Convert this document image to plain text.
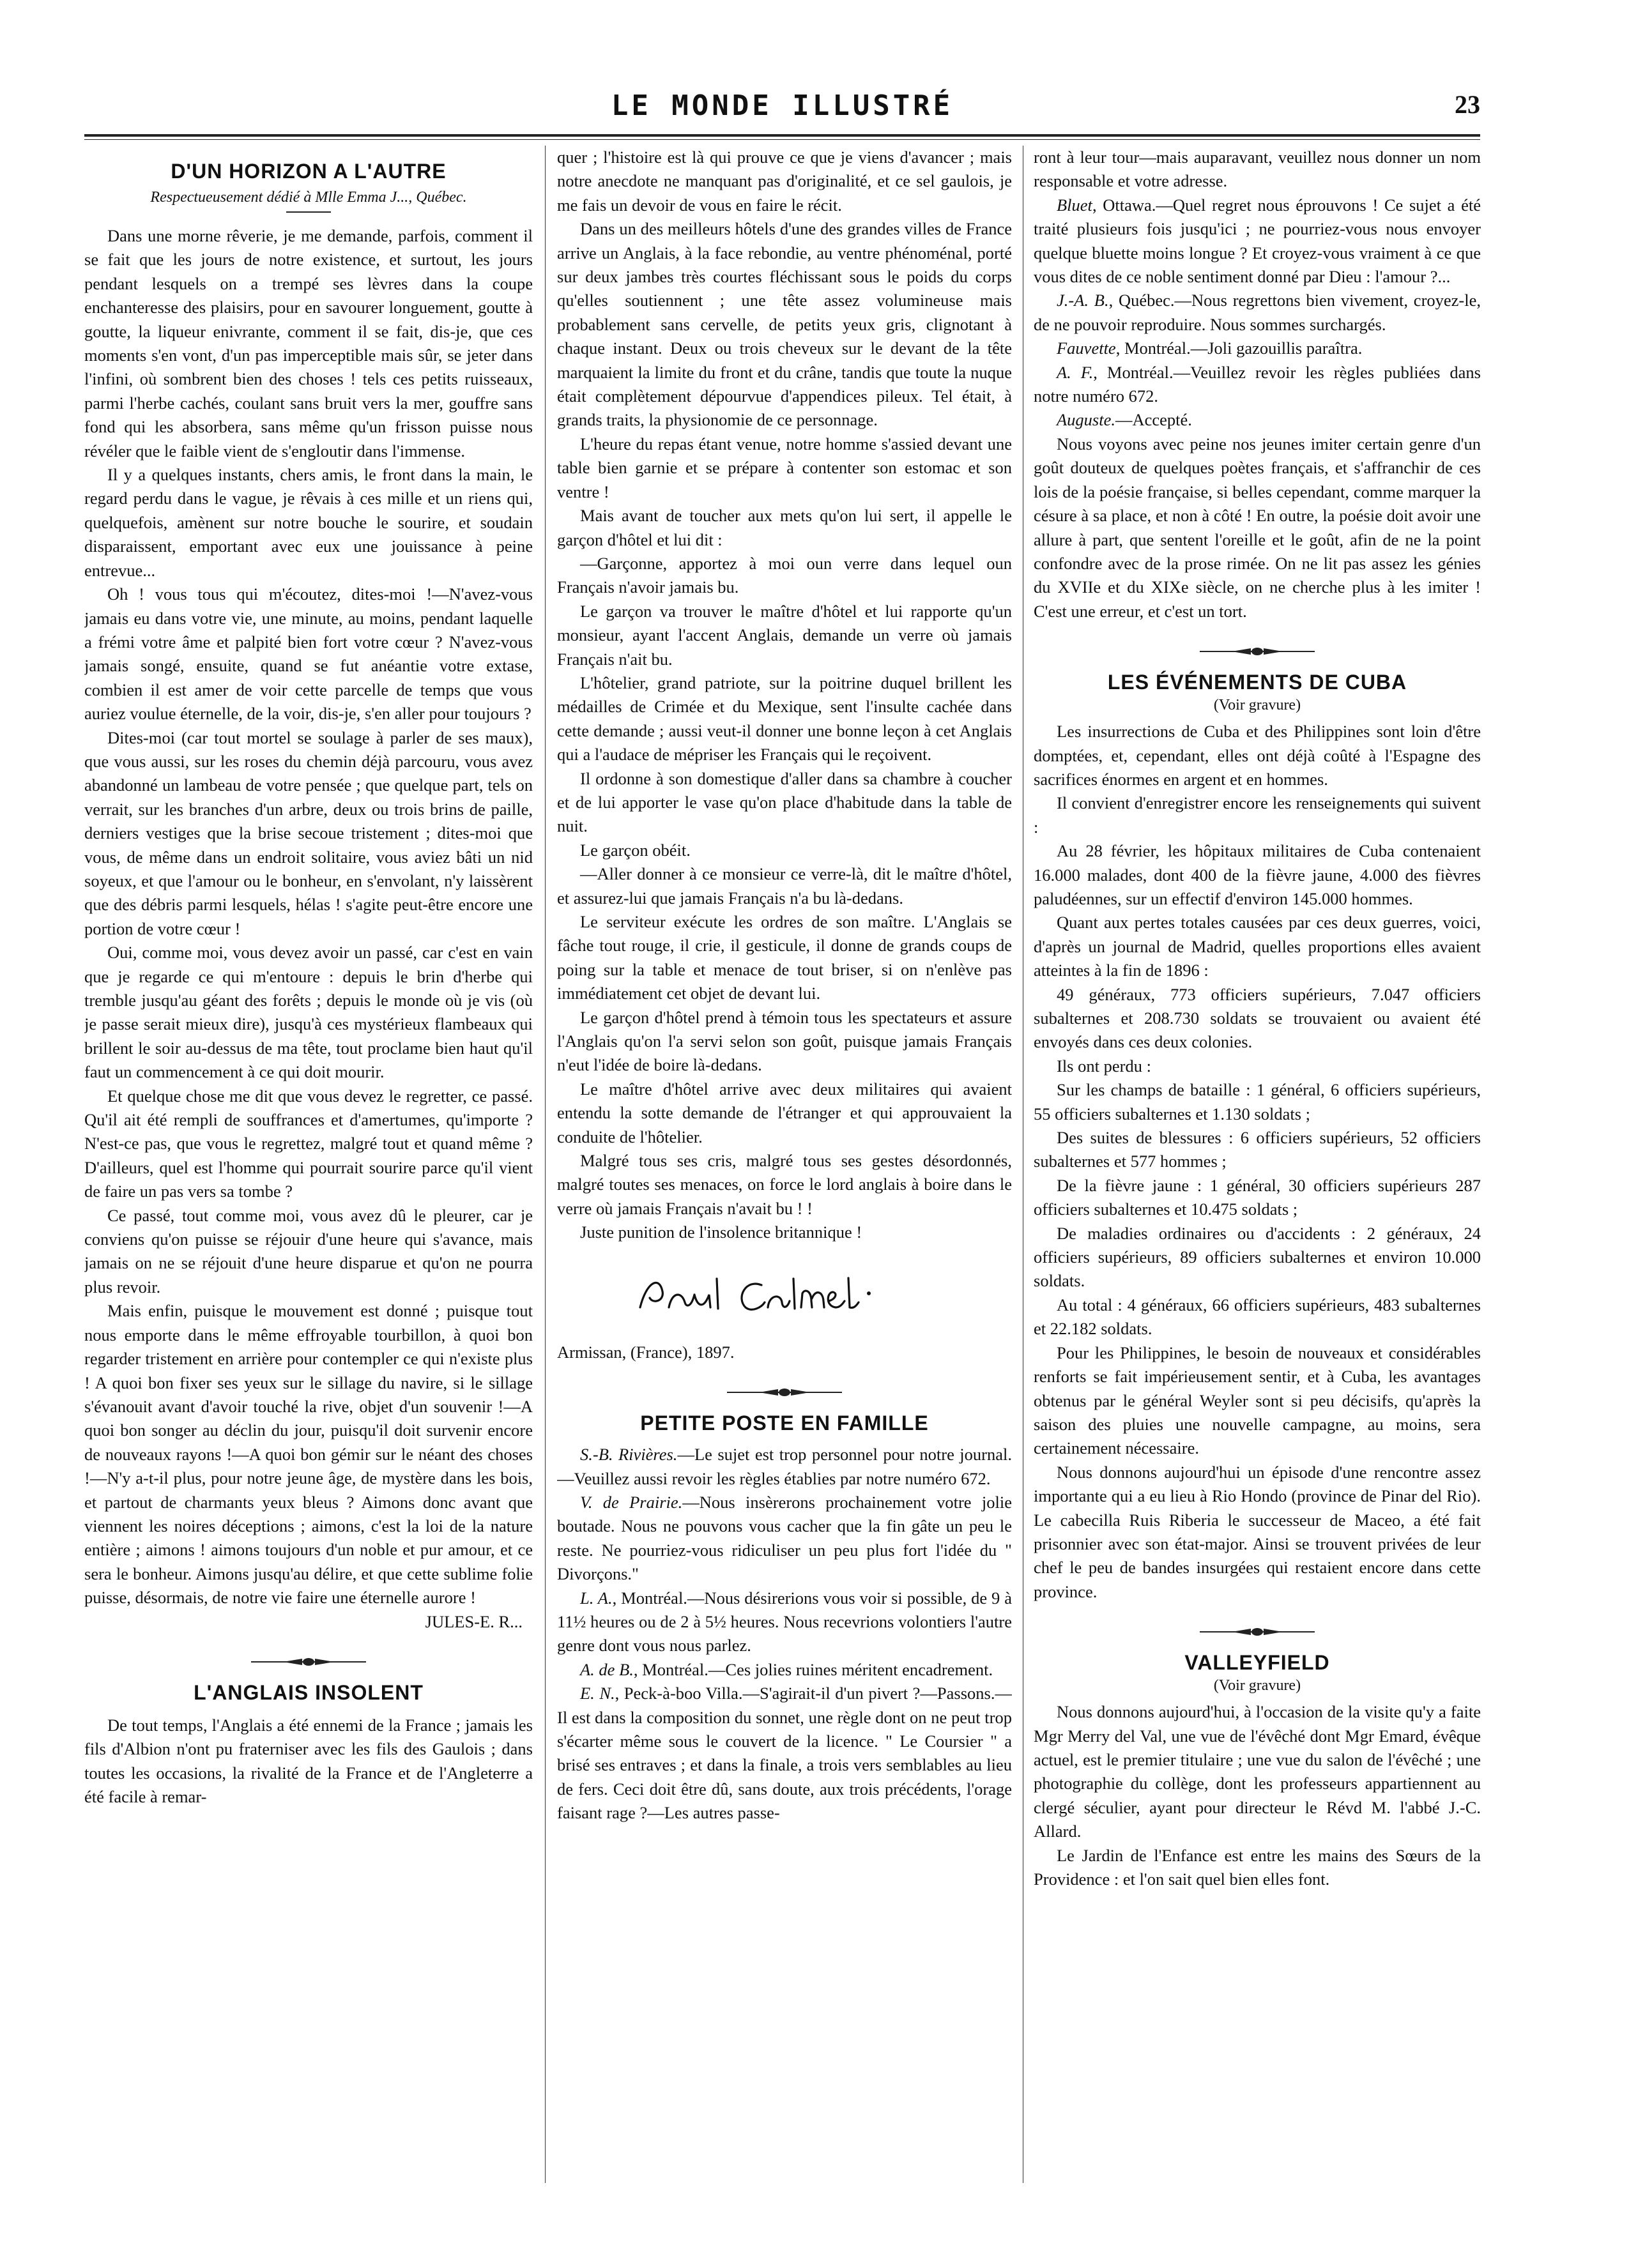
LE MONDE ILLUSTRÉ	23
D'UN HORIZON A L'AUTRE
Respectueusement dédié à Mlle Emma J..., Québec.

Dans une morne rêverie, je me demande, parfois, comment il se fait que les jours de notre existence, et surtout, les jours pendant lesquels on a trempé ses lèvres dans la coupe enchanteresse des plaisirs, pour en savourer longuement, goutte à goutte, la liqueur enivrante, comment il se fait, dis-je, que ces moments s'en vont, d'un pas imperceptible mais sûr, se jeter dans l'infini, où sombrent bien des choses ! tels ces petits ruisseaux, parmi l'herbe cachés, coulant sans bruit vers la mer, gouffre sans fond qui les absorbera, sans même qu'un frisson puisse nous révéler que le faible vient de s'engloutir dans l'immense.

Il y a quelques instants, chers amis, le front dans la main, le regard perdu dans le vague, je rêvais à ces mille et un riens qui, quelquefois, amènent sur notre bouche le sourire, et soudain disparaissent, emportant avec eux une jouissance à peine entrevue...

Oh ! vous tous qui m'écoutez, dites-moi !—N'avez-vous jamais eu dans votre vie, une minute, au moins, pendant laquelle a frémi votre âme et palpité bien fort votre cœur ? N'avez-vous jamais songé, ensuite, quand se fut anéantie votre extase, combien il est amer de voir cette parcelle de temps que vous auriez voulue éternelle, de la voir, dis-je, s'en aller pour toujours ?

Dites-moi (car tout mortel se soulage à parler de ses maux), que vous aussi, sur les roses du chemin déjà parcouru, vous avez abandonné un lambeau de votre pensée ; que quelque part, tels on verrait, sur les branches d'un arbre, deux ou trois brins de paille, derniers vestiges que la brise secoue tristement ; dites-moi que vous, de même dans un endroit solitaire, vous aviez bâti un nid soyeux, et que l'amour ou le bonheur, en s'envolant, n'y laissèrent que des débris parmi lesquels, hélas ! s'agite peut-être encore une portion de votre cœur !

Oui, comme moi, vous devez avoir un passé, car c'est en vain que je regarde ce qui m'entoure : depuis le brin d'herbe qui tremble jusqu'au géant des forêts ; depuis le monde où je vis (où je passe serait mieux dire), jusqu'à ces mystérieux flambeaux qui brillent le soir au-dessus de ma tête, tout proclame bien haut qu'il faut un commencement à ce qui doit mourir.

Et quelque chose me dit que vous devez le regretter, ce passé. Qu'il ait été rempli de souffrances et d'amertumes, qu'importe ? N'est-ce pas, que vous le regrettez, malgré tout et quand même ? D'ailleurs, quel est l'homme qui pourrait sourire parce qu'il vient de faire un pas vers sa tombe ?

Ce passé, tout comme moi, vous avez dû le pleurer, car je conviens qu'on puisse se réjouir d'une heure qui s'avance, mais jamais on ne se réjouit d'une heure disparue et qu'on ne pourra plus revoir.

Mais enfin, puisque le mouvement est donné ; puisque tout nous emporte dans le même effroyable tourbillon, à quoi bon regarder tristement en arrière pour contempler ce qui n'existe plus ! A quoi bon fixer ses yeux sur le sillage du navire, si le sillage s'évanouit avant d'avoir touché la rive, objet d'un souvenir !—A quoi bon songer au déclin du jour, puisqu'il doit survenir encore de nouveaux rayons !—A quoi bon gémir sur le néant des choses !—N'y a-t-il plus, pour notre jeune âge, de mystère dans les bois, et partout de charmants yeux bleus ? Aimons donc avant que viennent les noires déceptions ; aimons, c'est la loi de la nature entière ; aimons ! aimons toujours d'un noble et pur amour, et ce sera le bonheur. Aimons jusqu'au délire, et que cette sublime folie puisse, désormais, de notre vie faire une éternelle aurore !

JULES-E. R...

L'ANGLAIS INSOLENT

De tout temps, l'Anglais a été ennemi de la France ; jamais les fils d'Albion n'ont pu fraterniser avec les fils des Gaulois ; dans toutes les occasions, la rivalité de la France et de l'Angleterre a été facile à remar-

quer ; l'histoire est là qui prouve ce que je viens d'avancer ; mais notre anecdote ne manquant pas d'originalité, et ce sel gaulois, je me fais un devoir de vous en faire le récit.

Dans un des meilleurs hôtels d'une des grandes villes de France arrive un Anglais, à la face rebondie, au ventre phénoménal, porté sur deux jambes très courtes fléchissant sous le poids du corps qu'elles soutiennent ; une tête assez volumineuse mais probablement sans cervelle, de petits yeux gris, clignotant à chaque instant. Deux ou trois cheveux sur le devant de la tête marquaient la limite du front et du crâne, tandis que toute la nuque était complètement dépourvue d'appendices pileux. Tel était, à grands traits, la physionomie de ce personnage.

L'heure du repas étant venue, notre homme s'assied devant une table bien garnie et se prépare à contenter son estomac et son ventre !

Mais avant de toucher aux mets qu'on lui sert, il appelle le garçon d'hôtel et lui dit :

—Garçonne, apportez à moi oun verre dans lequel oun Français n'avoir jamais bu.

Le garçon va trouver le maître d'hôtel et lui rapporte qu'un monsieur, ayant l'accent Anglais, demande un verre où jamais Français n'ait bu.

L'hôtelier, grand patriote, sur la poitrine duquel brillent les médailles de Crimée et du Mexique, sent l'insulte cachée dans cette demande ; aussi veut-il donner une bonne leçon à cet Anglais qui a l'audace de mépriser les Français qui le reçoivent.

Il ordonne à son domestique d'aller dans sa chambre à coucher et de lui apporter le vase qu'on place d'habitude dans la table de nuit.

Le garçon obéit.

—Aller donner à ce monsieur ce verre-là, dit le maître d'hôtel, et assurez-lui que jamais Français n'a bu là-dedans.

Le serviteur exécute les ordres de son maître. L'Anglais se fâche tout rouge, il crie, il gesticule, il donne de grands coups de poing sur la table et menace de tout briser, si on n'enlève pas immédiatement cet objet de devant lui.

Le garçon d'hôtel prend à témoin tous les spectateurs et assure l'Anglais qu'on l'a servi selon son goût, puisque jamais Français n'eut l'idée de boire là-dedans.

Le maître d'hôtel arrive avec deux militaires qui avaient entendu la sotte demande de l'étranger et qui approuvaient la conduite de l'hôtelier.

Malgré tous ses cris, malgré tous ses gestes désordonnés, malgré toutes ses menaces, on force le lord anglais à boire dans le verre où jamais Français n'avait bu ! !

Juste punition de l'insolence britannique !

Armissan, (France), 1897.

PETITE POSTE EN FAMILLE

S.-B. Rivières.—Le sujet est trop personnel pour notre journal.—Veuillez aussi revoir les règles établies par notre numéro 672.

V. de Prairie.—Nous insèrerons prochainement votre jolie boutade. Nous ne pouvons vous cacher que la fin gâte un peu le reste. Ne pourriez-vous ridiculiser un peu plus fort l'idée du " Divorçons."

L. A., Montréal.—Nous désirerions vous voir si possible, de 9 à 11½ heures ou de 2 à 5½ heures. Nous recevrions volontiers l'autre genre dont vous nous parlez.

A. de B., Montréal.—Ces jolies ruines méritent encadrement.

E. N., Peck-à-boo Villa.—S'agirait-il d'un pivert ?—Passons.—Il est dans la composition du sonnet, une règle dont on ne peut trop s'écarter même sous le couvert de la licence. " Le Coursier " a brisé ses entraves ; et dans la finale, a trois vers semblables au lieu de fers. Ceci doit être dû, sans doute, aux trois précédents, l'orage faisant rage ?—Les autres passe-

ront à leur tour—mais auparavant, veuillez nous donner un nom responsable et votre adresse.

Bluet, Ottawa.—Quel regret nous éprouvons ! Ce sujet a été traité plusieurs fois jusqu'ici ; ne pourriez-vous nous envoyer quelque bluette moins longue ? Et croyez-vous vraiment à ce que vous dites de ce noble sentiment donné par Dieu : l'amour ?...

J.-A. B., Québec.—Nous regrettons bien vivement, croyez-le, de ne pouvoir reproduire. Nous sommes surchargés.

Fauvette, Montréal.—Joli gazouillis paraîtra.

A. F., Montréal.—Veuillez revoir les règles publiées dans notre numéro 672.

Auguste.—Accepté.

Nous voyons avec peine nos jeunes imiter certain genre d'un goût douteux de quelques poètes français, et s'affranchir de ces lois de la poésie française, si belles cependant, comme marquer la césure à sa place, et non à côté ! En outre, la poésie doit avoir une allure à part, que sentent l'oreille et le goût, afin de ne la point confondre avec de la prose rimée. On ne lit pas assez les génies du XVIIe et du XIXe siècle, on ne cherche plus à les imiter ! C'est une erreur, et c'est un tort.

LES ÉVÉNEMENTS DE CUBA
(Voir gravure)

Les insurrections de Cuba et des Philippines sont loin d'être domptées, et, cependant, elles ont déjà coûté à l'Espagne des sacrifices énormes en argent et en hommes.

Il convient d'enregistrer encore les renseignements qui suivent :

Au 28 février, les hôpitaux militaires de Cuba contenaient 16.000 malades, dont 400 de la fièvre jaune, 4.000 des fièvres paludéennes, sur un effectif d'environ 145.000 hommes.

Quant aux pertes totales causées par ces deux guerres, voici, d'après un journal de Madrid, quelles proportions elles avaient atteintes à la fin de 1896 :

49 généraux, 773 officiers supérieurs, 7.047 officiers subalternes et 208.730 soldats se trouvaient ou avaient été envoyés dans ces deux colonies.

Ils ont perdu :

Sur les champs de bataille : 1 général, 6 officiers supérieurs, 55 officiers subalternes et 1.130 soldats ;

Des suites de blessures : 6 officiers supérieurs, 52 officiers subalternes et 577 hommes ;

De la fièvre jaune : 1 général, 30 officiers supérieurs 287 officiers subalternes et 10.475 soldats ;

De maladies ordinaires ou d'accidents : 2 généraux, 24 officiers supérieurs, 89 officiers subalternes et environ 10.000 soldats.

Au total : 4 généraux, 66 officiers supérieurs, 483 subalternes et 22.182 soldats.

Pour les Philippines, le besoin de nouveaux et considérables renforts se fait impérieusement sentir, et à Cuba, les avantages obtenus par le général Weyler sont si peu décisifs, qu'après la saison des pluies une nouvelle campagne, au moins, sera certainement nécessaire.

Nous donnons aujourd'hui un épisode d'une rencontre assez importante qui a eu lieu à Rio Hondo (province de Pinar del Rio). Le cabecilla Ruis Riberia le successeur de Maceo, a été fait prisonnier avec son état-major. Ainsi se trouvent privées de leur chef le peu de bandes insurgées qui restaient encore dans cette province.

VALLEYFIELD
(Voir gravure)

Nous donnons aujourd'hui, à l'occasion de la visite qu'y a faite Mgr Merry del Val, une vue de l'évêché dont Mgr Emard, évêque actuel, est le premier titulaire ; une vue du salon de l'évêché ; une photographie du collège, dont les professeurs appartiennent au clergé séculier, ayant pour directeur le Révd M. l'abbé J.-C. Allard.

Le Jardin de l'Enfance est entre les mains des Sœurs de la Providence : et l'on sait quel bien elles font.
